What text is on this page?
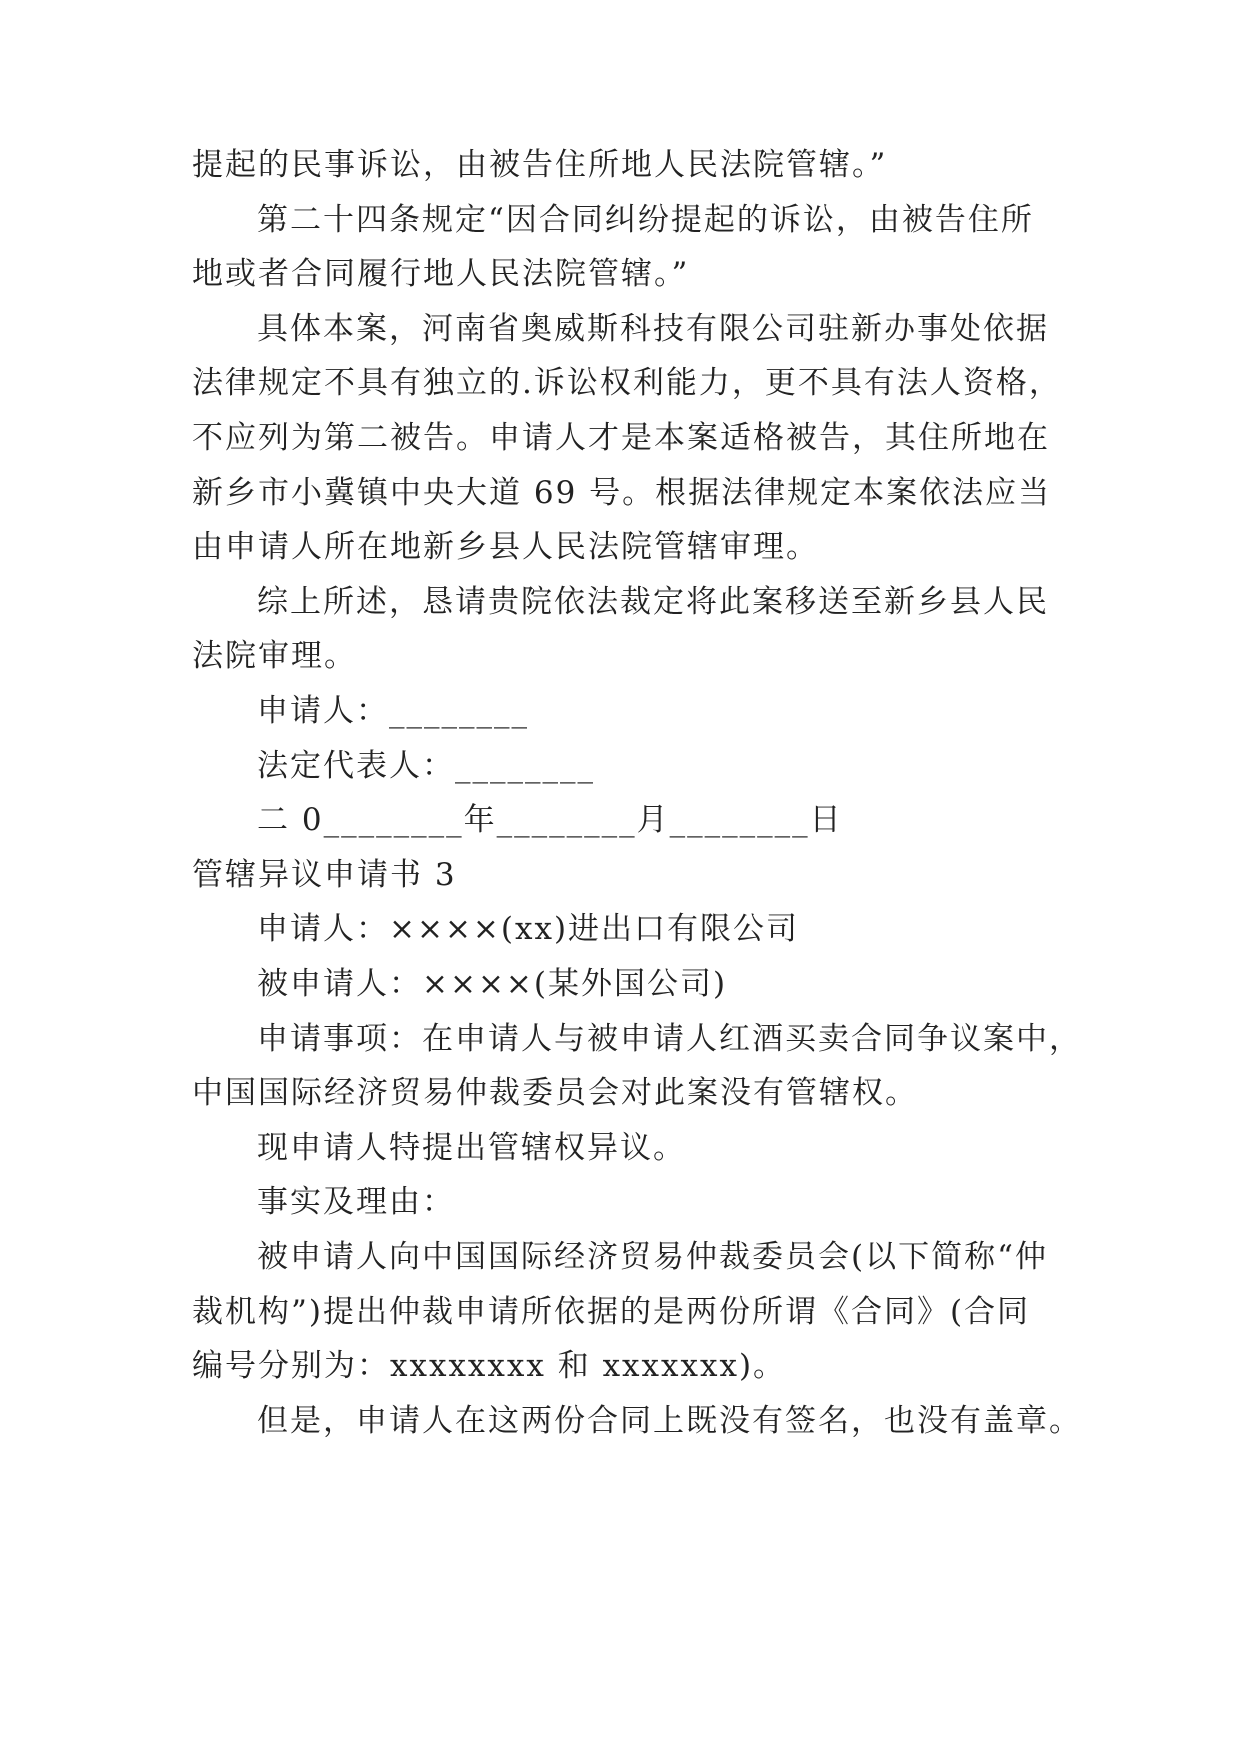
提起的民事诉讼，由被告住所地人民法院管辖。”
第二十四条规定“因合同纠纷提起的诉讼，由被告住所
地或者合同履行地人民法院管辖。”
具体本案，河南省奥威斯科技有限公司驻新办事处依据
法律规定不具有独立的.诉讼权利能力，更不具有法人资格，
不应列为第二被告。申请人才是本案适格被告，其住所地在
新乡市小冀镇中央大道 69 号。根据法律规定本案依法应当
由申请人所在地新乡县人民法院管辖审理。
综上所述，恳请贵院依法裁定将此案移送至新乡县人民
法院审理。
申请人：________
法定代表人：________
二 0________年________月________日
管辖异议申请书 3
申请人：××××(xx)进出口有限公司
被申请人：××××(某外国公司)
申请事项：在申请人与被申请人红酒买卖合同争议案中，
中国国际经济贸易仲裁委员会对此案没有管辖权。
现申请人特提出管辖权异议。
事实及理由：
被申请人向中国国际经济贸易仲裁委员会(以下简称“仲
裁机构”)提出仲裁申请所依据的是两份所谓《合同》(合同
编号分别为：xxxxxxxx 和 xxxxxxx)。
但是，申请人在这两份合同上既没有签名，也没有盖章。
